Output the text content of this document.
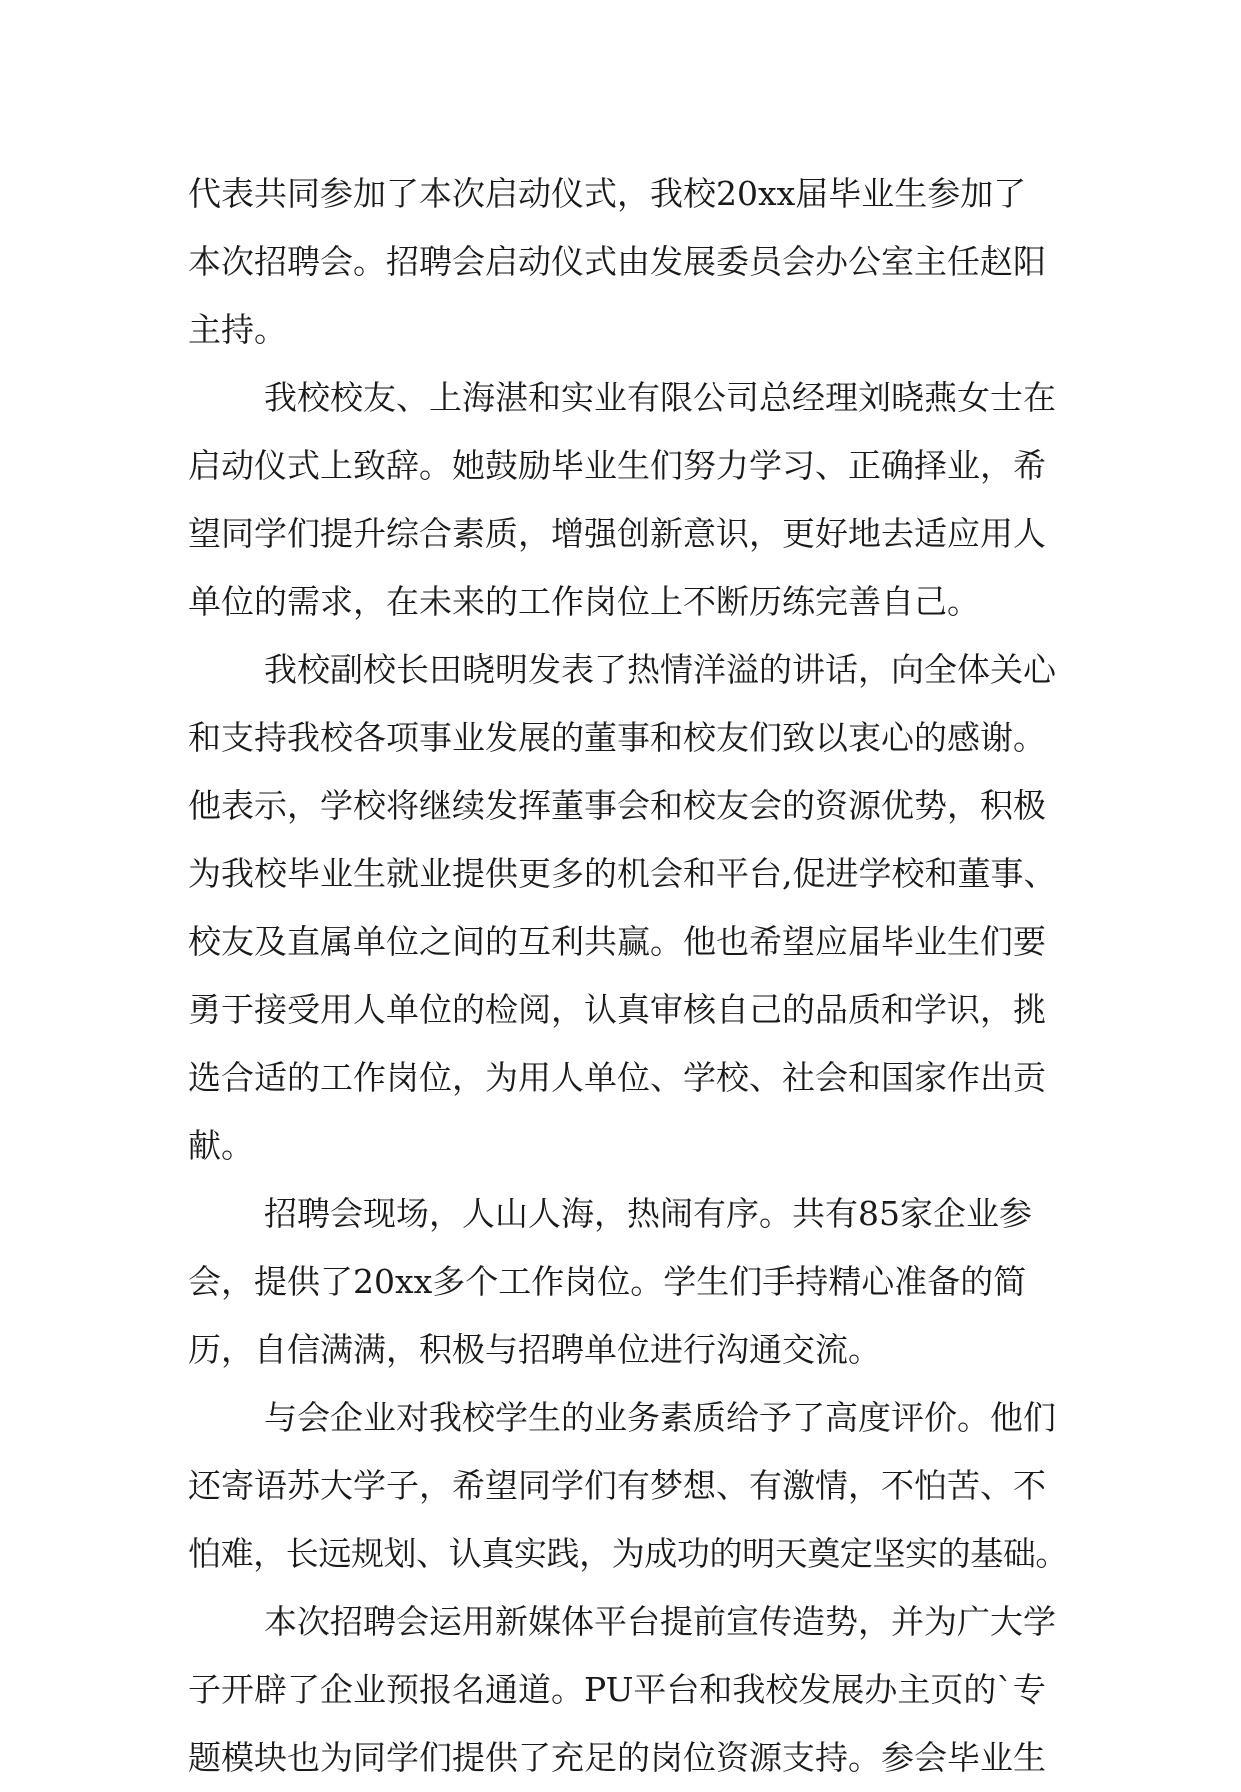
代表共同参加了本次启动仪式，我校20xx届毕业生参加了
本次招聘会。招聘会启动仪式由发展委员会办公室主任赵阳
主持。
我校校友、上海湛和实业有限公司总经理刘晓燕女士在
启动仪式上致辞。她鼓励毕业生们努力学习、正确择业，希
望同学们提升综合素质，增强创新意识，更好地去适应用人
单位的需求，在未来的工作岗位上不断历练完善自己。
我校副校长田晓明发表了热情洋溢的讲话，向全体关心
和支持我校各项事业发展的董事和校友们致以衷心的感谢。
他表示，学校将继续发挥董事会和校友会的资源优势，积极
为我校毕业生就业提供更多的机会和平台,促进学校和董事、
校友及直属单位之间的互利共赢。他也希望应届毕业生们要
勇于接受用人单位的检阅，认真审核自己的品质和学识，挑
选合适的工作岗位，为用人单位、学校、社会和国家作出贡
献。
招聘会现场，人山人海，热闹有序。共有85家企业参
会，提供了20xx多个工作岗位。学生们手持精心准备的简
历，自信满满，积极与招聘单位进行沟通交流。
与会企业对我校学生的业务素质给予了高度评价。他们
还寄语苏大学子，希望同学们有梦想、有激情，不怕苦、不
怕难，长远规划、认真实践，为成功的明天奠定坚实的基础。
本次招聘会运用新媒体平台提前宣传造势，并为广大学
子开辟了企业预报名通道。PU平台和我校发展办主页的`专
题模块也为同学们提供了充足的岗位资源支持。参会毕业生
